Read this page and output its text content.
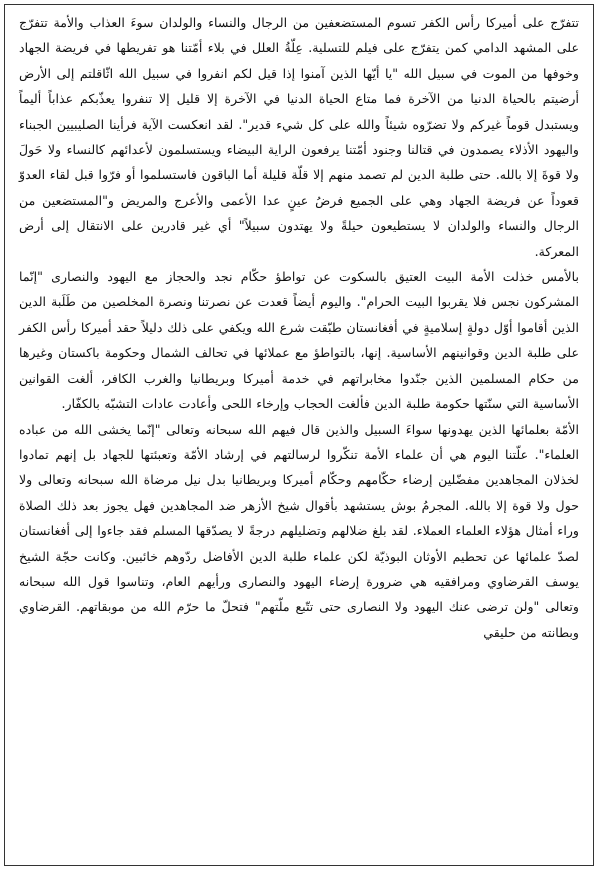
تتفرّج على أميركا رأس الكفر تسوم المستضعفين من الرجال والنساء والولدان سوءَ العذاب والأمة تتفرّج على المشهد الدامي كمن يتفرّج على فيلم للتسلية. عِلّةُ العلل في بلاء أمّتنا هو تفريطها في فريضة الجهاد وخوفها من الموت في سبيل الله "يا أيّها الذين آمنوا إذا قيل لكم انفروا في سبيل الله اثّاقلتم إلى الأرض أرضيتم بالحياة الدنيا من الآخرة فما متاع الحياة الدنيا في الآخرة إلا قليل إلا تنفروا يعذّبكم عذاباً أليماً ويستبدل قوماً غيركم ولا تضرّوه شيئاً والله على كل شيء قدير". لقد انعكست الآية فرأينا الصليبيين الجبناء واليهود الأذلاء يصمدون في قتالنا وجنود أمّتنا يرفعون الراية البيضاء ويستسلمون لأعدائهم كالنساء ولا حَولَ ولا قوةَ إلا بالله. حتى طلبة الدين لم تصمد منهم إلا قلّة قليلة أما الباقون فاستسلموا أو فرّوا قبل لقاء العدوّ قعوداً عن فريضة الجهاد وهي على الجميع فرضُ عينٍ عدا الأعمى والأعرج والمريض و"المستضعين من الرجال والنساء والولدان لا يستطيعون حيلةً ولا يهتدون سبيلاً" أي غير قادرين على الانتقال إلى أرض المعركة.

بالأمس خذلت الأمة البيت العتيق بالسكوت عن تواطؤ حكّام نجد والحجاز مع اليهود والنصارى "إنّما المشركون نجس فلا يقربوا البيت الحرام". واليوم أيضاً قعدت عن نصرتنا ونصرة المخلصين من طَلَبة الدين الذين أقاموا أوّل دولةٍ إسلاميةٍ في أفغانستان طبّقت شرع الله ويكفي على ذلك دليلاً حقد أميركا رأس الكفر على طلبة الدين وقوانينهم الأساسية. إنها، بالتواطؤ مع عملائها في تحالف الشمال وحكومة باكستان وغيرها من حكام المسلمين الذين جنّدوا مخابراتهم في خدمة أميركا وبريطانيا والغرب الكافر، ألغت القوانين الأساسية التي سنّتها حكومة طلبة الدين فألغت الحجاب وإرخاء اللحى وأعادت عادات التشبّه بالكفّار.

الأمّة بعلمائها الذين يهدونها سواءَ السبيل والذين قال فيهم الله سبحانه وتعالى "إنّما يخشى الله من عباده العلماء". علّتنا اليوم هي أن علماء الأمة تنكّروا لرسالتهم في إرشاد الأمّة وتعبئتها للجهاد بل إنهم تمادوا لخذلان المجاهدين مفضّلين إرضاء حكّامهم وحكّام أميركا وبريطانيا بدل نيل مرضاة الله سبحانه وتعالى ولا حول ولا قوة إلا بالله. المجرمُ بوش يستشهد بأقوال شيخ الأزهر ضد المجاهدين فهل يجوز بعد ذلك الصلاة وراء أمثال هؤلاء العلماء العملاء. لقد بلغ ضلالهم وتضليلهم درجةً لا يصدّقها المسلم فقد جاءوا إلى أفغانستان لصدّ علمائها عن تحطيم الأوثان البوذيّة لكن علماء طلبة الدين الأفاضل ردّوهم خائبين. وكانت حجّة الشيخ يوسف القرضاوي ومرافقيه هي ضرورة إرضاء اليهود والنصارى ورأيهم العام، وتناسوا قول الله سبحانه وتعالى "ولن ترضى عنك اليهود ولا النصارى حتى تتّبع ملّتهم" فتحلّ ما حرّم الله من موبقاتهم. القرضاوي وبطانته من حليقي
